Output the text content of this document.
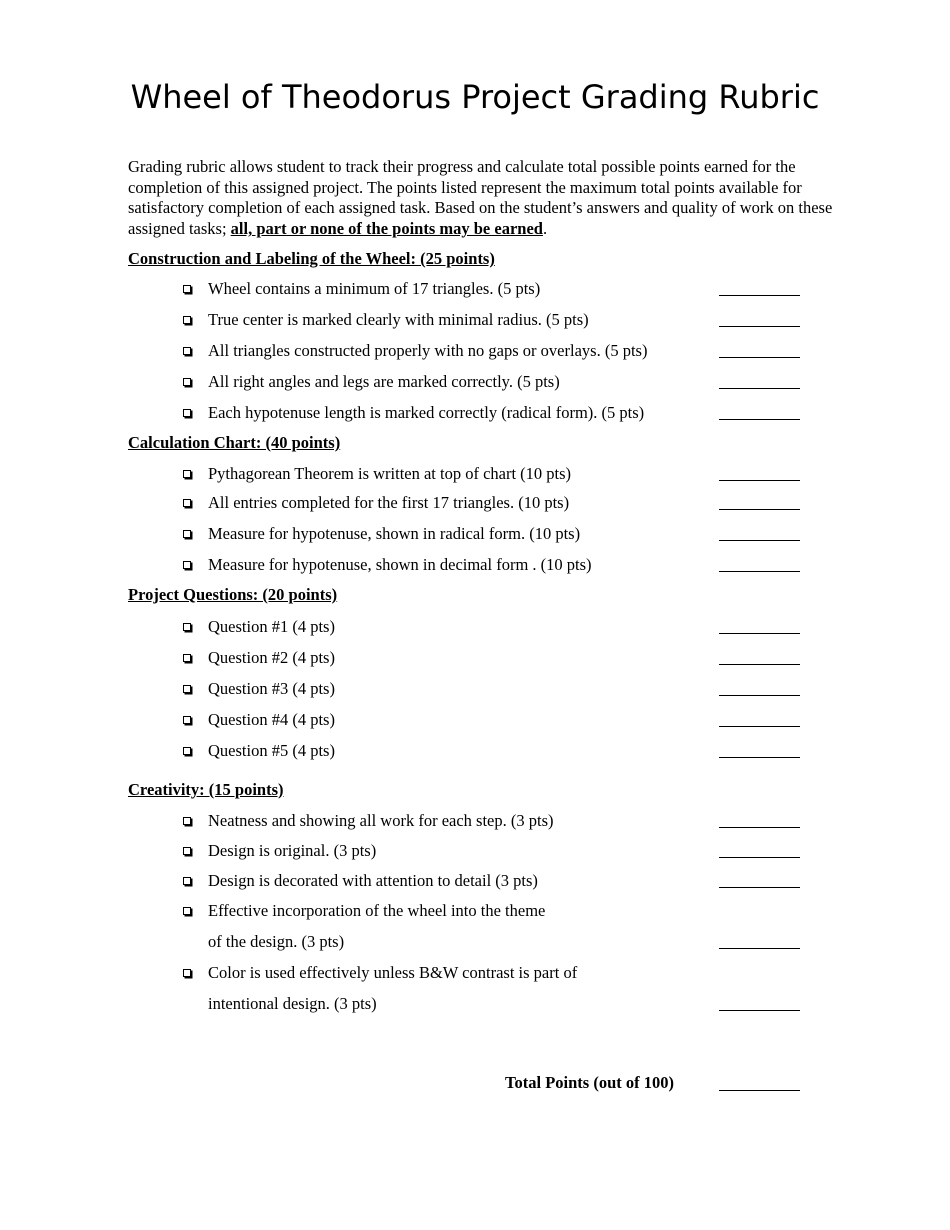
Wheel of Theodorus Project Grading Rubric
Grading rubric allows student to track their progress and calculate total possible points earned for the completion of this assigned project. The points listed represent the maximum total points available for satisfactory completion of each assigned task. Based on the student’s answers and quality of work on these assigned tasks; all, part or none of the points may be earned.
Construction and Labeling of the Wheel: (25 points)
Wheel contains a minimum of 17 triangles. (5 pts)
True center is marked clearly with minimal radius. (5 pts)
All triangles constructed properly with no gaps or overlays. (5 pts)
All right angles and legs are marked correctly. (5 pts)
Each hypotenuse length is marked correctly (radical form). (5 pts)
Calculation Chart: (40 points)
Pythagorean Theorem is written at top of chart (10 pts)
All entries completed for the first 17 triangles. (10 pts)
Measure for hypotenuse, shown in radical form. (10 pts)
Measure for hypotenuse, shown in decimal form . (10 pts)
Project Questions: (20 points)
Question #1 (4 pts)
Question #2 (4 pts)
Question #3 (4 pts)
Question #4 (4 pts)
Question #5 (4 pts)
Creativity: (15 points)
Neatness and showing all work for each step. (3 pts)
Design is original. (3 pts)
Design is decorated with attention to detail (3 pts)
Effective incorporation of the wheel into the theme
of the design. (3 pts)
Color is used effectively unless B&W contrast is part of
intentional design. (3 pts)
Total Points (out of 100)
